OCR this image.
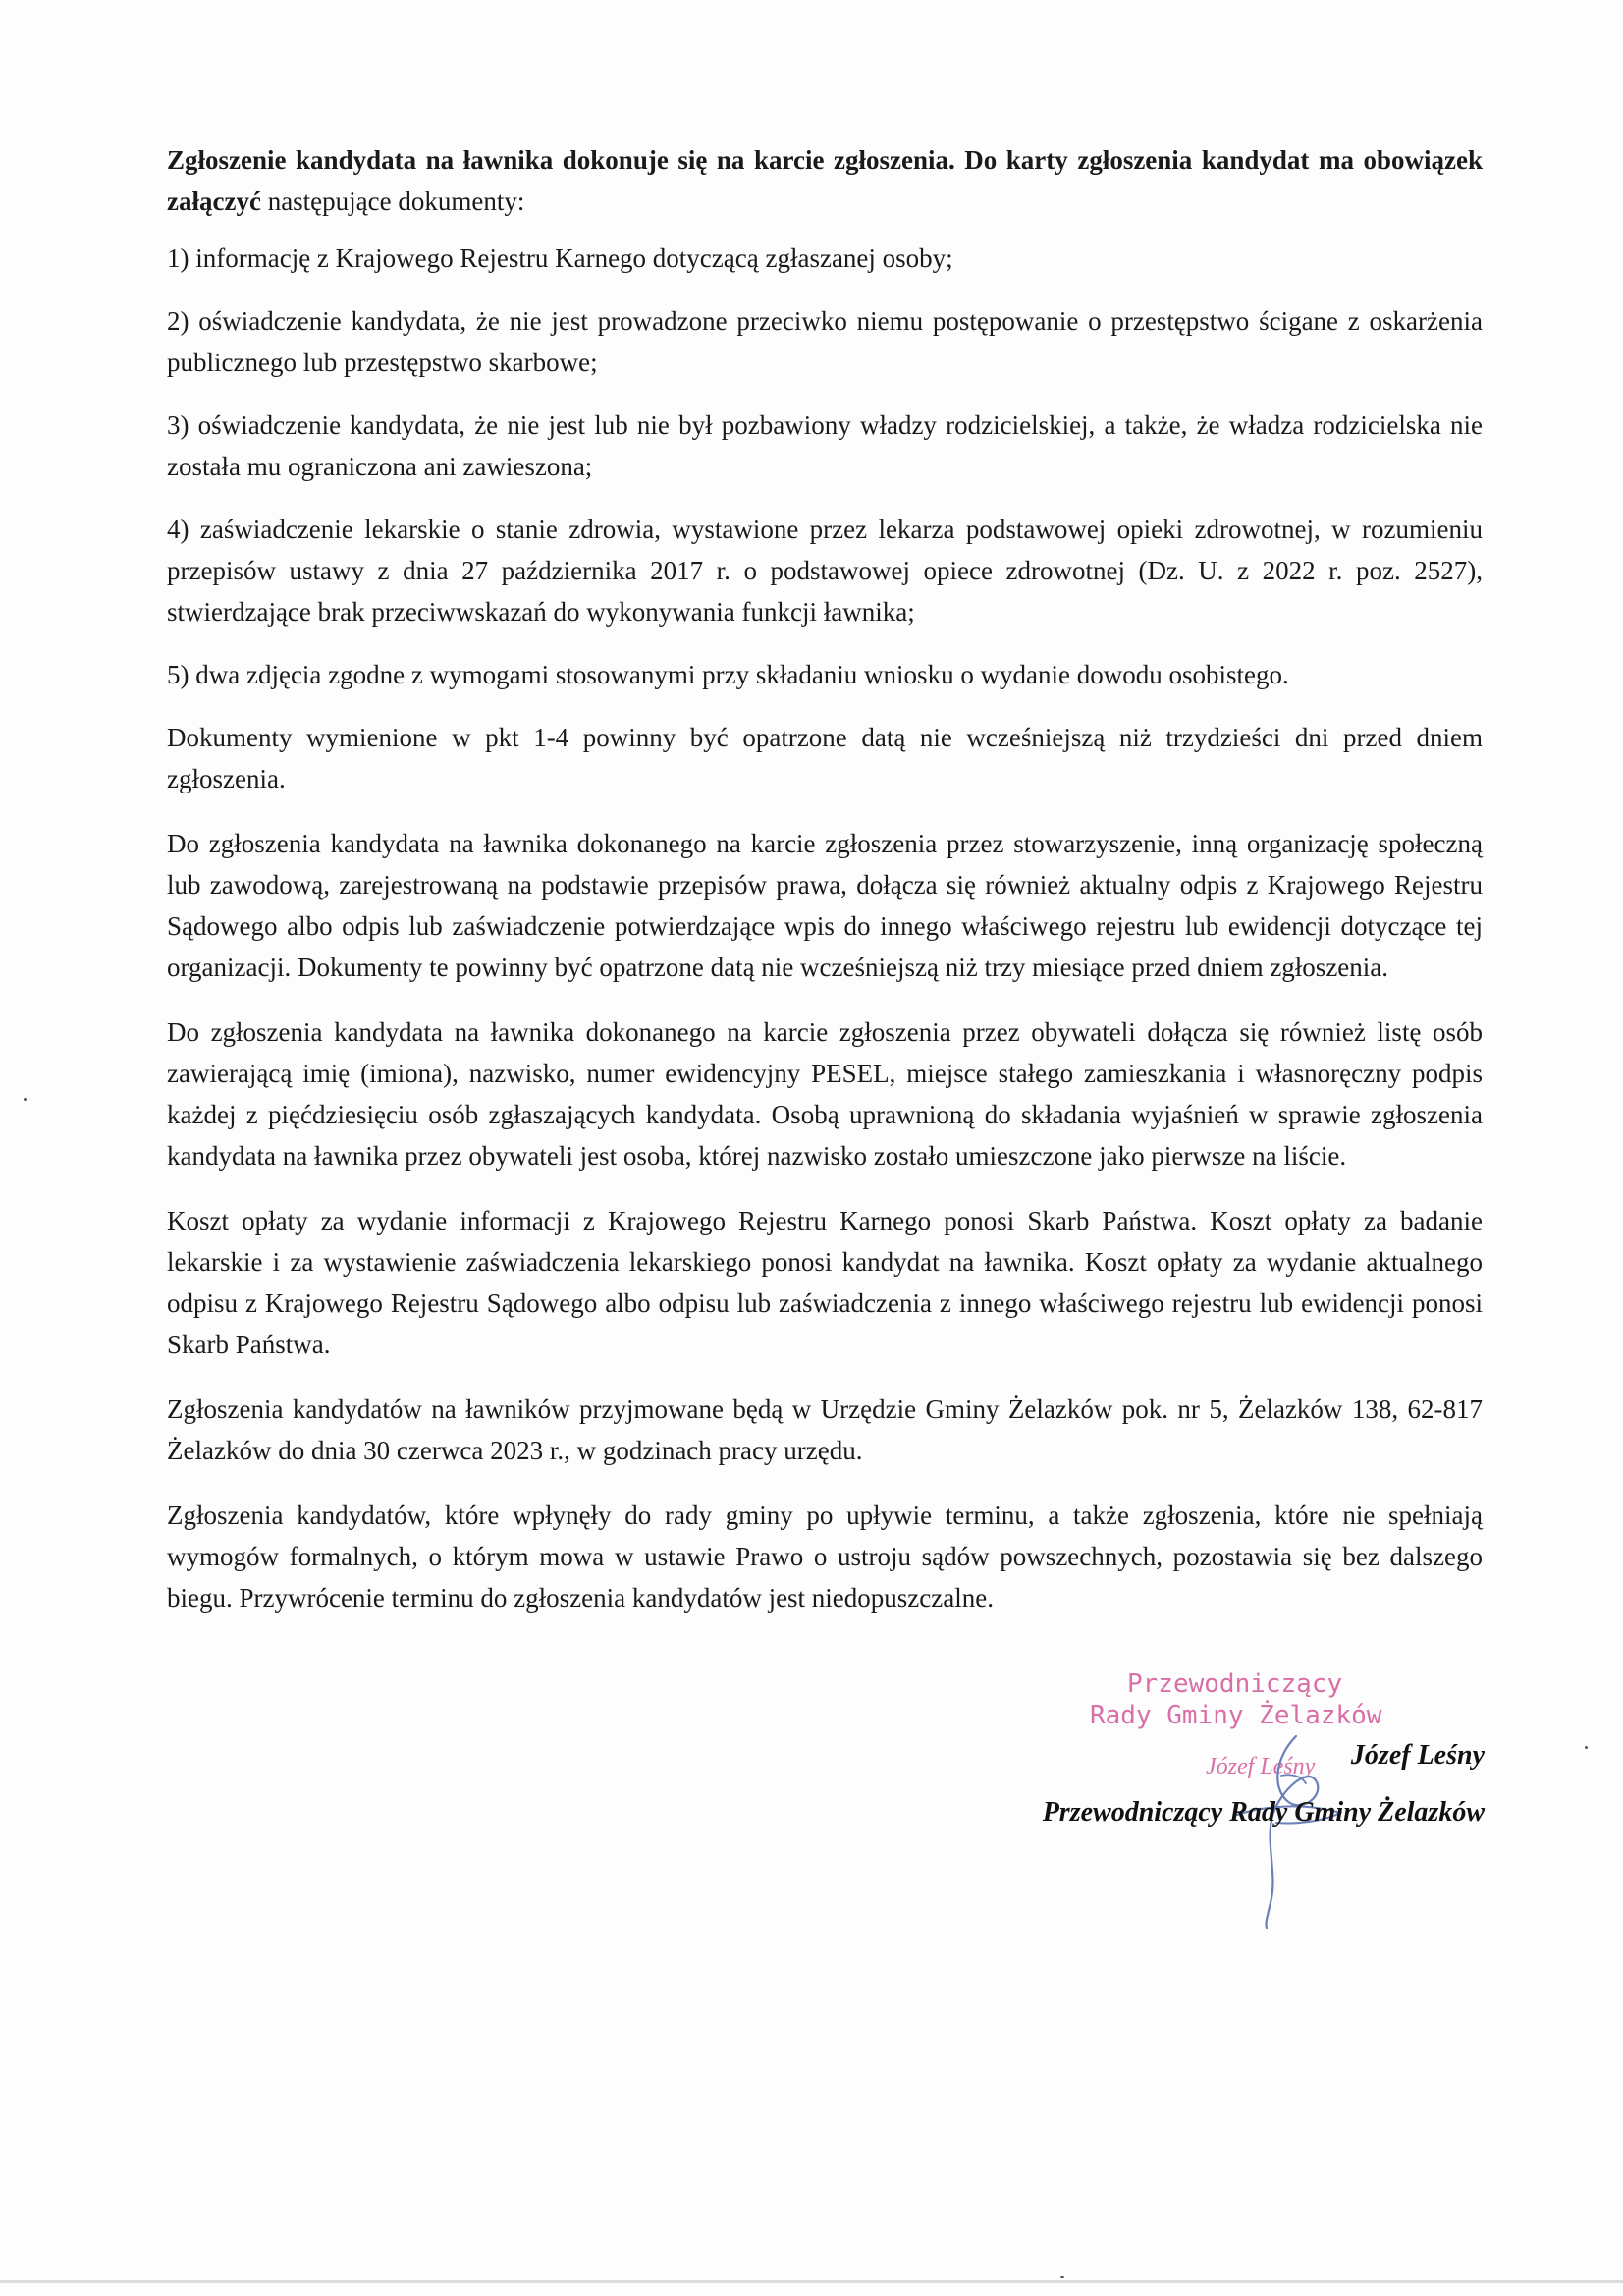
Zgłoszenie kandydata na ławnika dokonuje się na karcie zgłoszenia. Do karty zgłoszenia kandydat ma obowiązek załączyć następujące dokumenty:

1) informację z Krajowego Rejestru Karnego dotyczącą zgłaszanej osoby;

2) oświadczenie kandydata, że nie jest prowadzone przeciwko niemu postępowanie o przestępstwo ścigane z oskarżenia publicznego lub przestępstwo skarbowe;

3) oświadczenie kandydata, że nie jest lub nie był pozbawiony władzy rodzicielskiej, a także, że władza rodzicielska nie została mu ograniczona ani zawieszona;

4) zaświadczenie lekarskie o stanie zdrowia, wystawione przez lekarza podstawowej opieki zdrowotnej, w rozumieniu przepisów ustawy z dnia 27 października 2017 r. o podstawowej opiece zdrowotnej (Dz. U. z 2022 r. poz. 2527), stwierdzające brak przeciwwskazań do wykonywania funkcji ławnika;

5) dwa zdjęcia zgodne z wymogami stosowanymi przy składaniu wniosku o wydanie dowodu osobistego.

Dokumenty wymienione w pkt 1-4 powinny być opatrzone datą nie wcześniejszą niż trzydzieści dni przed dniem zgłoszenia.

Do zgłoszenia kandydata na ławnika dokonanego na karcie zgłoszenia przez stowarzyszenie, inną organizację społeczną lub zawodową, zarejestrowaną na podstawie przepisów prawa, dołącza się również aktualny odpis z Krajowego Rejestru Sądowego albo odpis lub zaświadczenie potwierdzające wpis do innego właściwego rejestru lub ewidencji dotyczące tej organizacji. Dokumenty te powinny być opatrzone datą nie wcześniejszą niż trzy miesiące przed dniem zgłoszenia.

Do zgłoszenia kandydata na ławnika dokonanego na karcie zgłoszenia przez obywateli dołącza się również listę osób zawierającą imię (imiona), nazwisko, numer ewidencyjny PESEL, miejsce stałego zamieszkania i własnoręczny podpis każdej z pięćdziesięciu osób zgłaszających kandydata. Osobą uprawnioną do składania wyjaśnień w sprawie zgłoszenia kandydata na ławnika przez obywateli jest osoba, której nazwisko zostało umieszczone jako pierwsze na liście.

Koszt opłaty za wydanie informacji z Krajowego Rejestru Karnego ponosi Skarb Państwa. Koszt opłaty za badanie lekarskie i za wystawienie zaświadczenia lekarskiego ponosi kandydat na ławnika. Koszt opłaty za wydanie aktualnego odpisu z Krajowego Rejestru Sądowego albo odpisu lub zaświadczenia z innego właściwego rejestru lub ewidencji ponosi Skarb Państwa.

Zgłoszenia kandydatów na ławników przyjmowane będą w Urzędzie Gminy Żelazków pok. nr 5, Żelazków 138, 62-817 Żelazków do dnia 30 czerwca 2023 r., w godzinach pracy urzędu.

Zgłoszenia kandydatów, które wpłynęły do rady gminy po upływie terminu, a także zgłoszenia, które nie spełniają wymogów formalnych, o którym mowa w ustawie Prawo o ustroju sądów powszechnych, pozostawia się bez dalszego biegu. Przywrócenie terminu do zgłoszenia kandydatów jest niedopuszczalne.

Przewodniczący
Rady Gminy Żelazków
Józef Leśny Józef Leśny
Przewodniczący Rady Gminy Żelazków
